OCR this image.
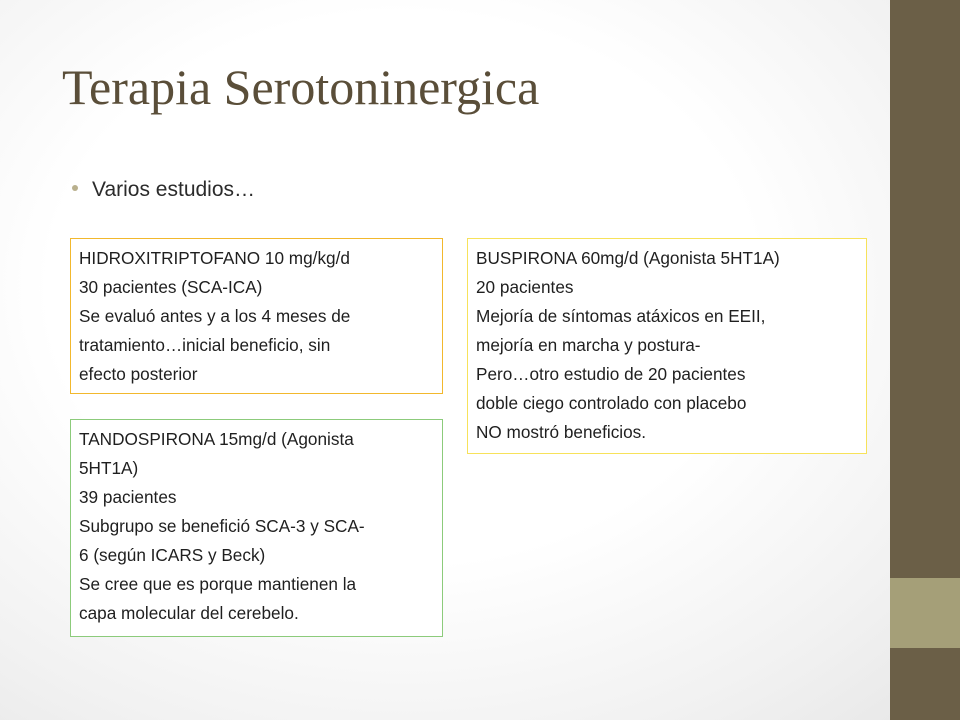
Terapia Serotoninergica
Varios estudios…
HIDROXITRIPTOFANO 10 mg/kg/d
30 pacientes (SCA-ICA)
Se evaluó antes y a los 4 meses de
tratamiento…inicial beneficio, sin
efecto posterior
TANDOSPIRONA 15mg/d (Agonista
5HT1A)
39 pacientes
Subgrupo se benefició SCA-3 y SCA-
6 (según ICARS y Beck)
Se cree que es porque mantienen la
capa molecular del cerebelo.
BUSPIRONA 60mg/d (Agonista 5HT1A)
20 pacientes
Mejoría de síntomas atáxicos en EEII,
mejoría en marcha y postura-
Pero…otro estudio de 20 pacientes
doble ciego controlado con placebo
NO mostró beneficios.
